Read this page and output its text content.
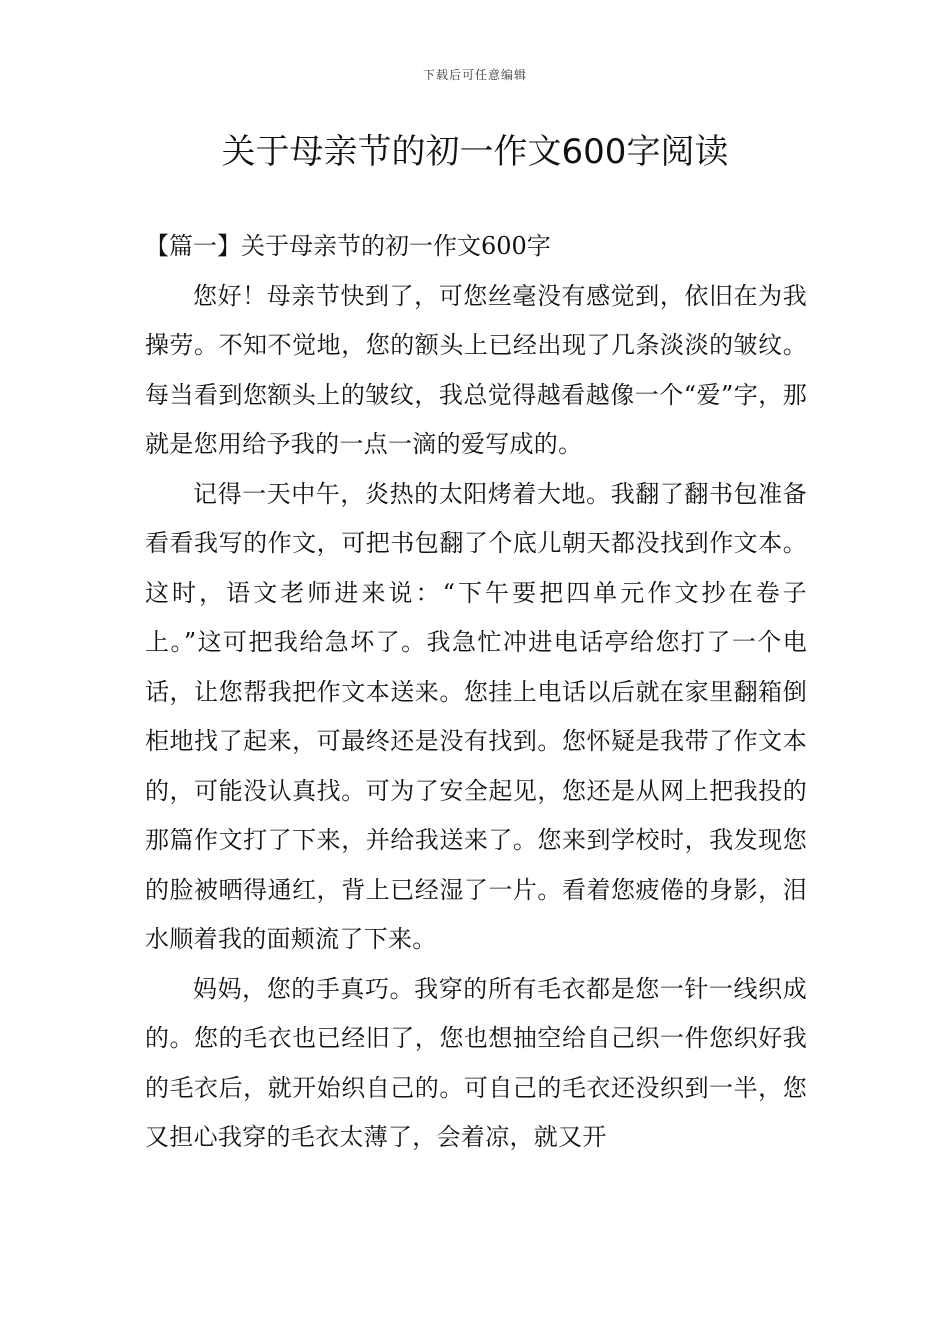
下载后可任意编辑
关于母亲节的初一作文600字阅读

【篇一】关于母亲节的初一作文600字

您好！母亲节快到了，可您丝毫没有感觉到，依旧在为我操劳。不知不觉地，您的额头上已经出现了几条淡淡的皱纹。每当看到您额头上的皱纹，我总觉得越看越像一个“爱”字，那就是您用给予我的一点一滴的爱写成的。

记得一天中午，炎热的太阳烤着大地。我翻了翻书包准备看看我写的作文，可把书包翻了个底儿朝天都没找到作文本。这时，语文老师进来说：“下午要把四单元作文抄在卷子上。”这可把我给急坏了。我急忙冲进电话亭给您打了一个电话，让您帮我把作文本送来。您挂上电话以后就在家里翻箱倒柜地找了起来，可最终还是没有找到。您怀疑是我带了作文本的，可能没认真找。可为了安全起见，您还是从网上把我投的那篇作文打了下来，并给我送来了。您来到学校时，我发现您的脸被晒得通红，背上已经湿了一片。看着您疲倦的身影，泪水顺着我的面颊流了下来。

妈妈，您的手真巧。我穿的所有毛衣都是您一针一线织成的。您的毛衣也已经旧了，您也想抽空给自己织一件您织好我的毛衣后，就开始织自己的。可自己的毛衣还没织到一半，您又担心我穿的毛衣太薄了，会着凉，就又开
